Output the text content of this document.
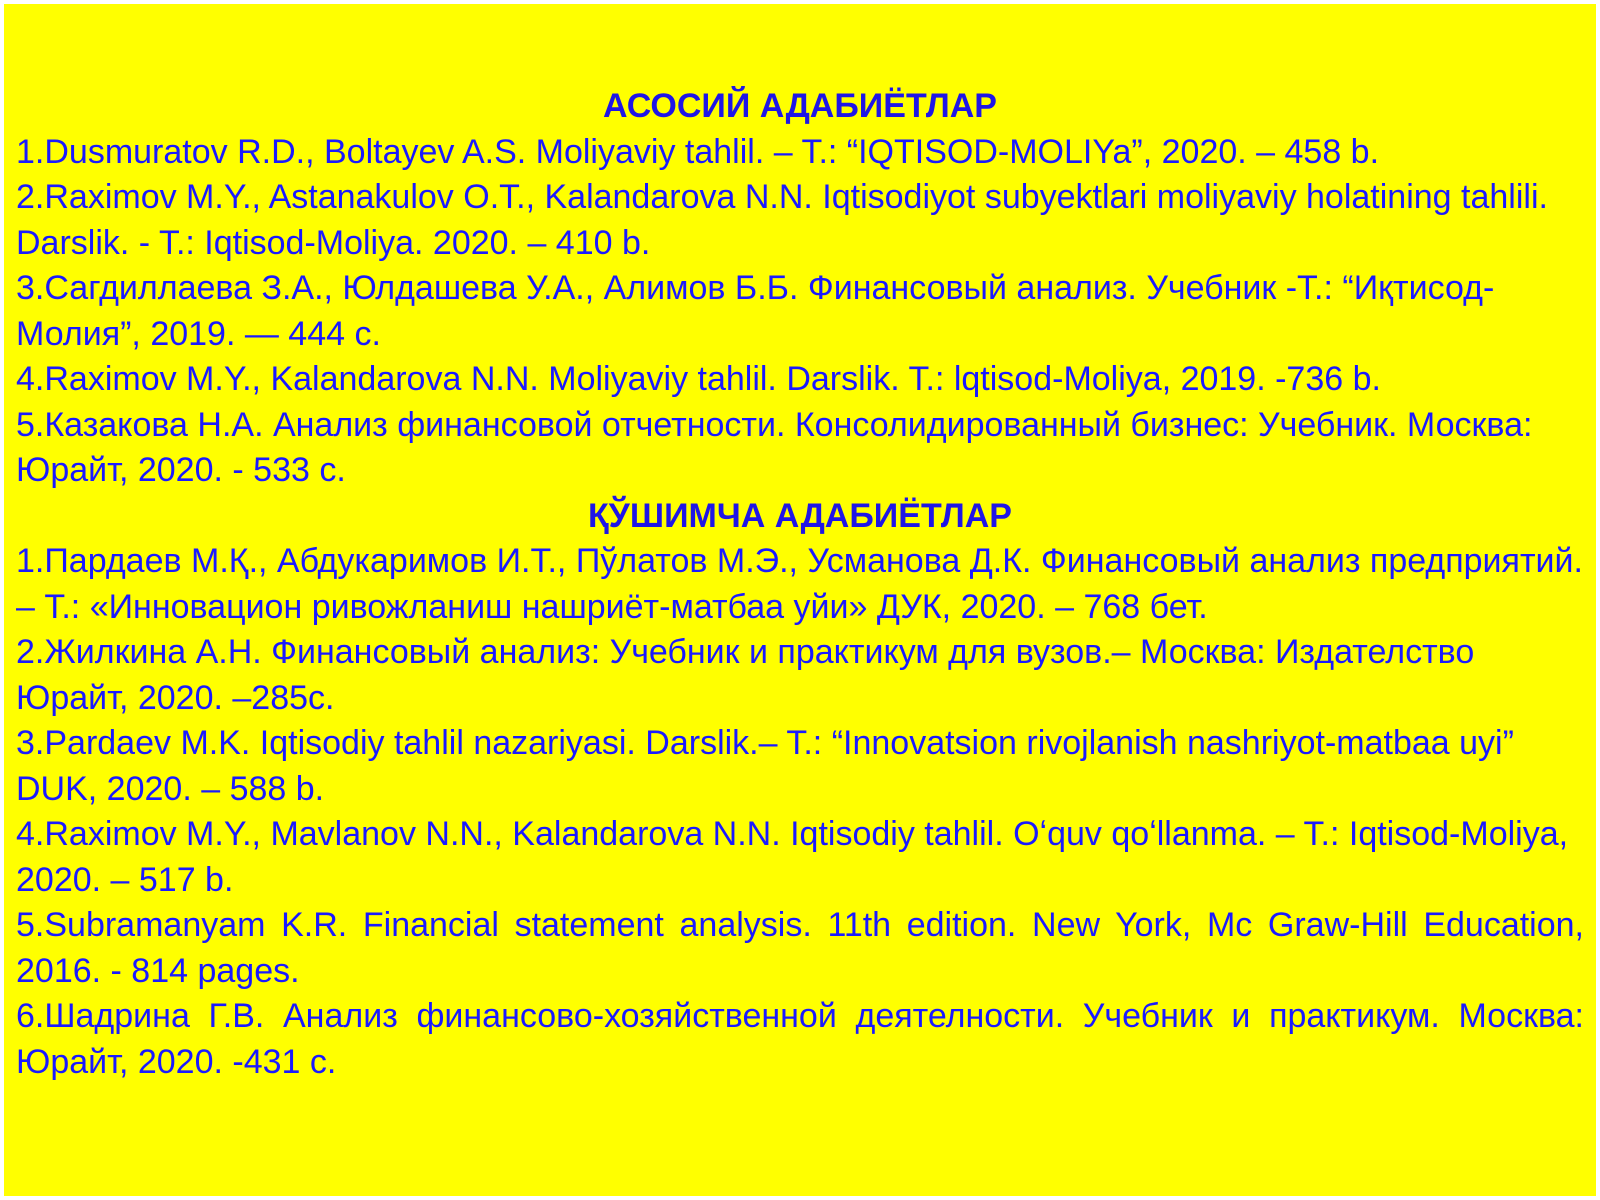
АСОСИЙ АДАБИЁТЛАР

1.Dusmuratov R.D., Boltayev A.S. Moliyaviy tahlil. – T.: “IQTISOD-MOLIYa”, 2020. – 458 b.

2.Raximov M.Y., Astanakulov O.T., Kalandarova N.N. Iqtisodiyot subyektlari moliyaviy holatining tahlili. Darslik. - T.: Iqtisod-Moliya. 2020. – 410 b.

3.Сагдиллаева З.А., Юлдашева У.А., Алимов Б.Б. Финансовый анализ. Учебник -Т.: “Иқтисод-Молия”, 2019. — 444 с.

4.Raximov M.Y., Kalandarova N.N. Moliyaviy tahlil. Darslik. T.: lqtisod-Moliya, 2019. -736 b.

5.Казакова Н.А. Анализ финансовой отчетности. Консолидированный бизнес: Учебник. Москва: Юрайт, 2020. - 533 с.

ҚЎШИМЧА АДАБИЁТЛАР

1.Пардаев М.Қ., Абдукаримов И.Т., Пўлатов М.Э., Усманова Д.К. Финансовый анализ предприятий. – Т.: «Инновацион ривожланиш нашриёт-матбаа уйи» ДУК, 2020. – 768 бет.

2.Жилкина А.Н. Финансовый анализ: Учебник и практикум для вузов.– Москва: Издателство Юрайт, 2020. –285с.

3.Pardaev M.K. Iqtisodiy tahlil nazariyasi. Darslik.– T.: “Innovatsion rivojlanish nashriyot-matbaa uyi” DUK, 2020. – 588 b.

4.Raximov M.Y., Mavlanov N.N., Kalandarova N.N. Iqtisodiy tahlil. Oʻquv qoʻllanma. – T.: Iqtisod-Moliya, 2020. – 517 b.

5.Subramanyam K.R. Financial statement analysis. 11th edition. New York, Mc Graw-Hill Education, 2016. - 814 pages.

6.Шадрина Г.В. Анализ финансово-хозяйственной деятелности. Учебник и практикум. Москва: Юрайт, 2020. -431 с.
